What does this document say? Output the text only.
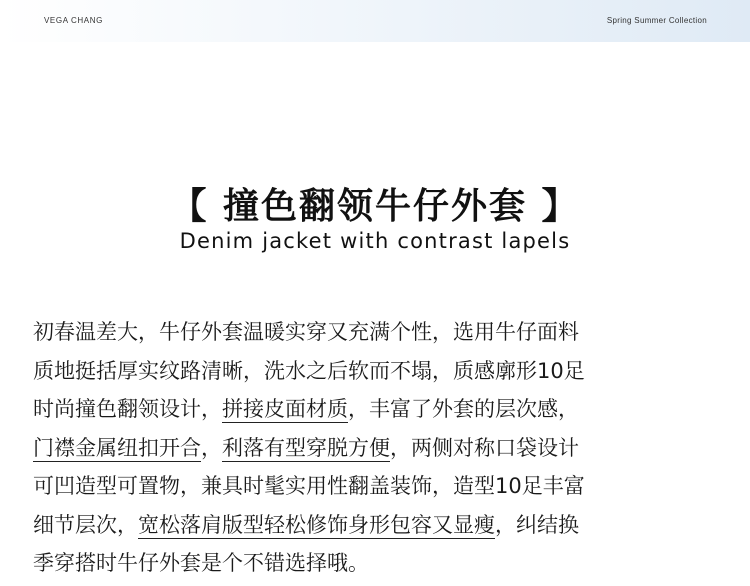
VEGA CHANG	Spring Summer Collection
【 撞色翻领牛仔外套 】
Denim jacket with contrast lapels
初春温差大，牛仔外套温暖实穿又充满个性，选用牛仔面料
质地挺括厚实纹路清晰，洗水之后软而不塌，质感廓形10足
时尚撞色翻领设计，拼接皮面材质，丰富了外套的层次感，
门襟金属纽扣开合，利落有型穿脱方便，两侧对称口袋设计
可凹造型可置物，兼具时髦实用性翻盖装饰，造型10足丰富
细节层次，宽松落肩版型轻松修饰身形包容又显瘦，纠结换
季穿搭时牛仔外套是个不错选择哦。
